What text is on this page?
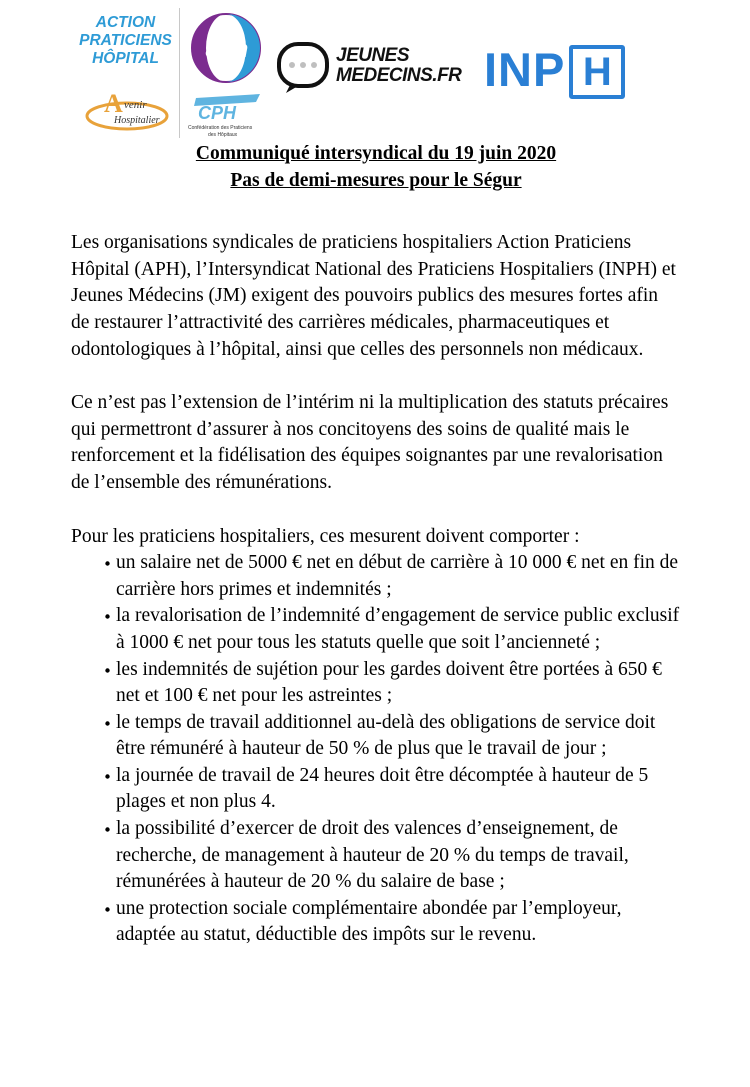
ACTION
PRATICIENS
HÔPITAL	aph	JEUNES
MEDECINS.FR INP H
A venir
Hospitalier CPH
Confédération des Praticiens
des Hôpitaux
Communiqué intersyndical du 19 juin 2020
Pas de demi-mesures pour le Ségur

Les organisations syndicales de praticiens hospitaliers Action Praticiens Hôpital (APH), l’Intersyndicat National des Praticiens Hospitaliers (INPH) et Jeunes Médecins (JM) exigent des pouvoirs publics des mesures fortes afin de restaurer l’attractivité des carrières médicales, pharmaceutiques et odontologiques à l’hôpital, ainsi que celles des personnels non médicaux.

Ce n’est pas l’extension de l’intérim ni la multiplication des statuts précaires qui permettront d’assurer à nos concitoyens des soins de qualité mais le renforcement et la fidélisation des équipes soignantes par une revalorisation de l’ensemble des rémunérations.

Pour les praticiens hospitaliers, ces mesurent doivent comporter :

un salaire net de 5000 € net en début de carrière à 10 000 € net en fin de carrière hors primes et indemnités ;
la revalorisation de l’indemnité d’engagement de service public exclusif à 1000 € net pour tous les statuts quelle que soit l’ancienneté ;
les indemnités de sujétion pour les gardes doivent être portées à 650 € net et 100 € net pour les astreintes ;
le temps de travail additionnel au-delà des obligations de service doit être rémunéré à hauteur de 50 % de plus que le travail de jour ;
la journée de travail de 24 heures doit être décomptée à hauteur de 5 plages et non plus 4.
la possibilité d’exercer de droit des valences d’enseignement, de recherche, de management à hauteur de 20 % du temps de travail, rémunérées à hauteur de 20 % du salaire de base ;
une protection sociale complémentaire abondée par l’employeur, adaptée au statut, déductible des impôts sur le revenu.
